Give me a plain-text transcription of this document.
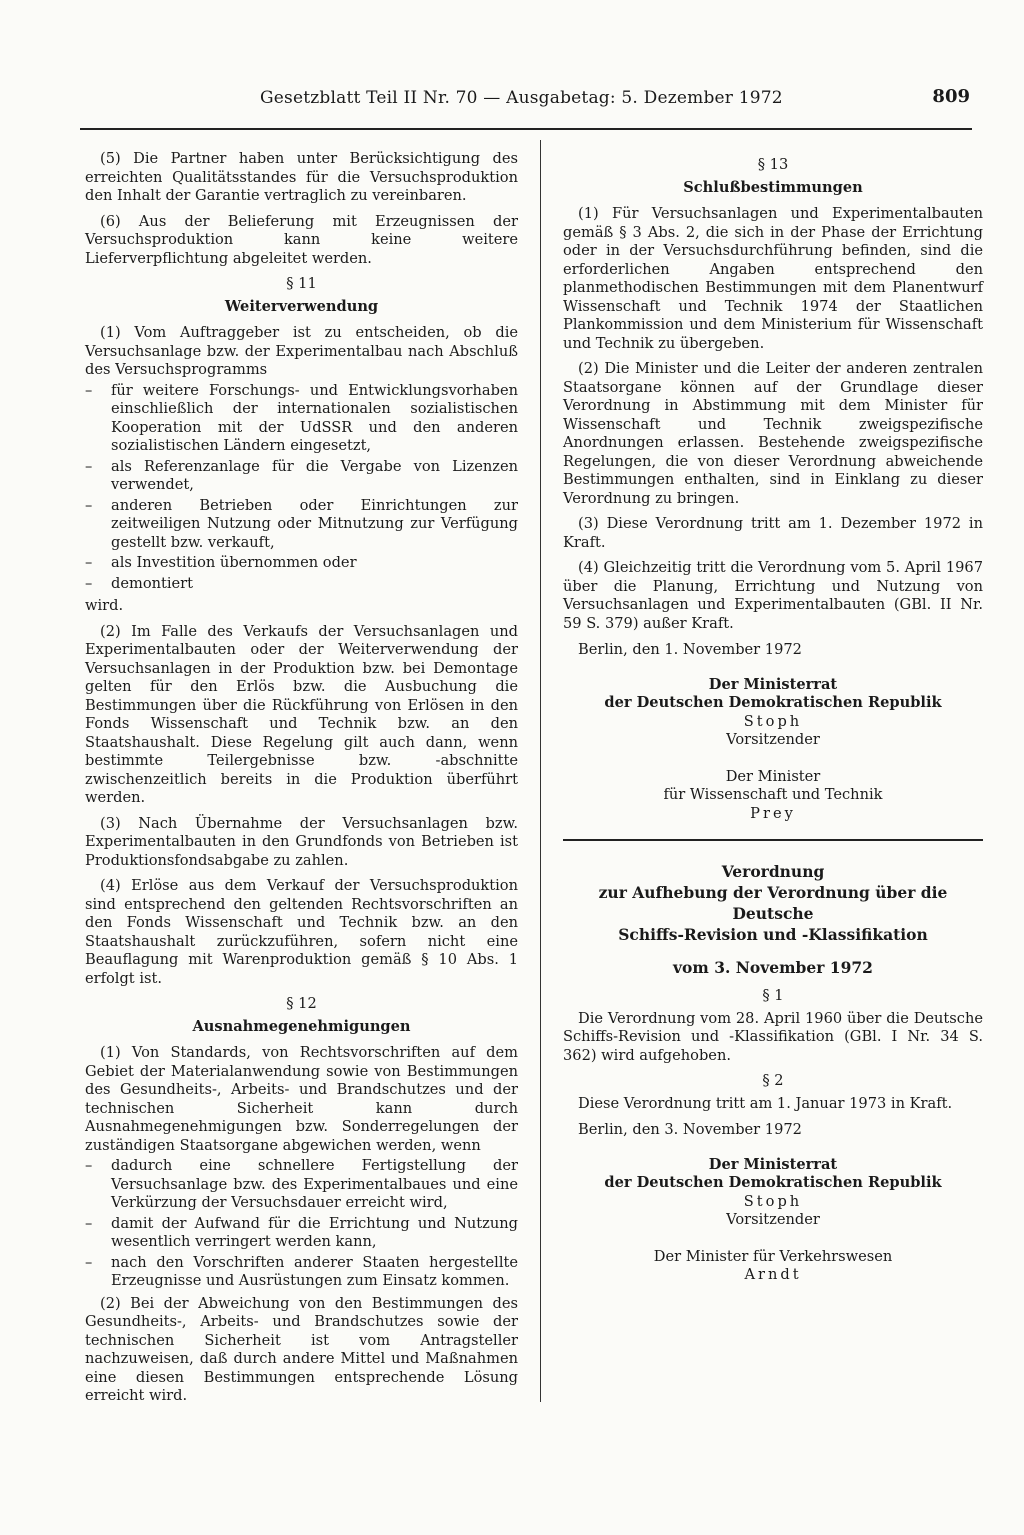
Gesetzblatt Teil II Nr. 70 — Ausgabetag: 5. Dezember 1972	809

(5) Die Partner haben unter Berücksichtigung des erreichten Qualitätsstandes für die Versuchsproduktion den Inhalt der Garantie vertraglich zu vereinbaren.

(6) Aus der Belieferung mit Erzeugnissen der Versuchsproduktion kann keine weitere Lieferverpflichtung abgeleitet werden.

§ 11
Weiterverwendung

(1) Vom Auftraggeber ist zu entscheiden, ob die Versuchsanlage bzw. der Experimentalbau nach Abschluß des Versuchsprogramms

– für weitere Forschungs- und Entwicklungsvorhaben einschließlich der internationalen sozialistischen Kooperation mit der UdSSR und den anderen sozialistischen Ländern eingesetzt,
– als Referenzanlage für die Vergabe von Lizenzen verwendet,
– anderen Betrieben oder Einrichtungen zur zeitweiligen Nutzung oder Mitnutzung zur Verfügung gestellt bzw. verkauft,
– als Investition übernommen oder
– demontiert

wird.

(2) Im Falle des Verkaufs der Versuchsanlagen und Experimentalbauten oder der Weiterverwendung der Versuchsanlagen in der Produktion bzw. bei Demontage gelten für den Erlös bzw. die Ausbuchung die Bestimmungen über die Rückführung von Erlösen in den Fonds Wissenschaft und Technik bzw. an den Staatshaushalt. Diese Regelung gilt auch dann, wenn bestimmte Teilergebnisse bzw. -abschnitte zwischenzeitlich bereits in die Produktion überführt werden.

(3) Nach Übernahme der Versuchsanlagen bzw. Experimentalbauten in den Grundfonds von Betrieben ist Produktionsfondsabgabe zu zahlen.

(4) Erlöse aus dem Verkauf der Versuchsproduktion sind entsprechend den geltenden Rechtsvorschriften an den Fonds Wissenschaft und Technik bzw. an den Staatshaushalt zurückzuführen, sofern nicht eine Beauflagung mit Warenproduktion gemäß § 10 Abs. 1 erfolgt ist.

§ 12
Ausnahmegenehmigungen

(1) Von Standards, von Rechtsvorschriften auf dem Gebiet der Materialanwendung sowie von Bestimmungen des Gesundheits-, Arbeits- und Brandschutzes und der technischen Sicherheit kann durch Ausnahmegenehmigungen bzw. Sonderregelungen der zuständigen Staatsorgane abgewichen werden, wenn

– dadurch eine schnellere Fertigstellung der Versuchsanlage bzw. des Experimentalbaues und eine Verkürzung der Versuchsdauer erreicht wird,
– damit der Aufwand für die Errichtung und Nutzung wesentlich verringert werden kann,
– nach den Vorschriften anderer Staaten hergestellte Erzeugnisse und Ausrüstungen zum Einsatz kommen.

(2) Bei der Abweichung von den Bestimmungen des Gesundheits-, Arbeits- und Brandschutzes sowie der technischen Sicherheit ist vom Antragsteller nachzuweisen, daß durch andere Mittel und Maßnahmen eine diesen Bestimmungen entsprechende Lösung erreicht wird.

§ 13
Schlußbestimmungen

(1) Für Versuchsanlagen und Experimentalbauten gemäß § 3 Abs. 2, die sich in der Phase der Errichtung oder in der Versuchsdurchführung befinden, sind die erforderlichen Angaben entsprechend den planmethodischen Bestimmungen mit dem Planentwurf Wissenschaft und Technik 1974 der Staatlichen Plankommission und dem Ministerium für Wissenschaft und Technik zu übergeben.

(2) Die Minister und die Leiter der anderen zentralen Staatsorgane können auf der Grundlage dieser Verordnung in Abstimmung mit dem Minister für Wissenschaft und Technik zweigspezifische Anordnungen erlassen. Bestehende zweigspezifische Regelungen, die von dieser Verordnung abweichende Bestimmungen enthalten, sind in Einklang zu dieser Verordnung zu bringen.

(3) Diese Verordnung tritt am 1. Dezember 1972 in Kraft.

(4) Gleichzeitig tritt die Verordnung vom 5. April 1967 über die Planung, Errichtung und Nutzung von Versuchsanlagen und Experimentalbauten (GBl. II Nr. 59 S. 379) außer Kraft.

Berlin, den 1. November 1972

Der Ministerrat
der Deutschen Demokratischen Republik
Stoph
Vorsitzender
Der Minister
für Wissenschaft und Technik
Prey
Verordnung
zur Aufhebung der Verordnung über die Deutsche
Schiffs-Revision und -Klassifikation
vom 3. November 1972
§ 1

Die Verordnung vom 28. April 1960 über die Deutsche Schiffs-Revision und -Klassifikation (GBl. I Nr. 34 S. 362) wird aufgehoben.

§ 2

Diese Verordnung tritt am 1. Januar 1973 in Kraft.

Berlin, den 3. November 1972

Der Ministerrat
der Deutschen Demokratischen Republik
Stoph
Vorsitzender
Der Minister für Verkehrswesen
Arndt
